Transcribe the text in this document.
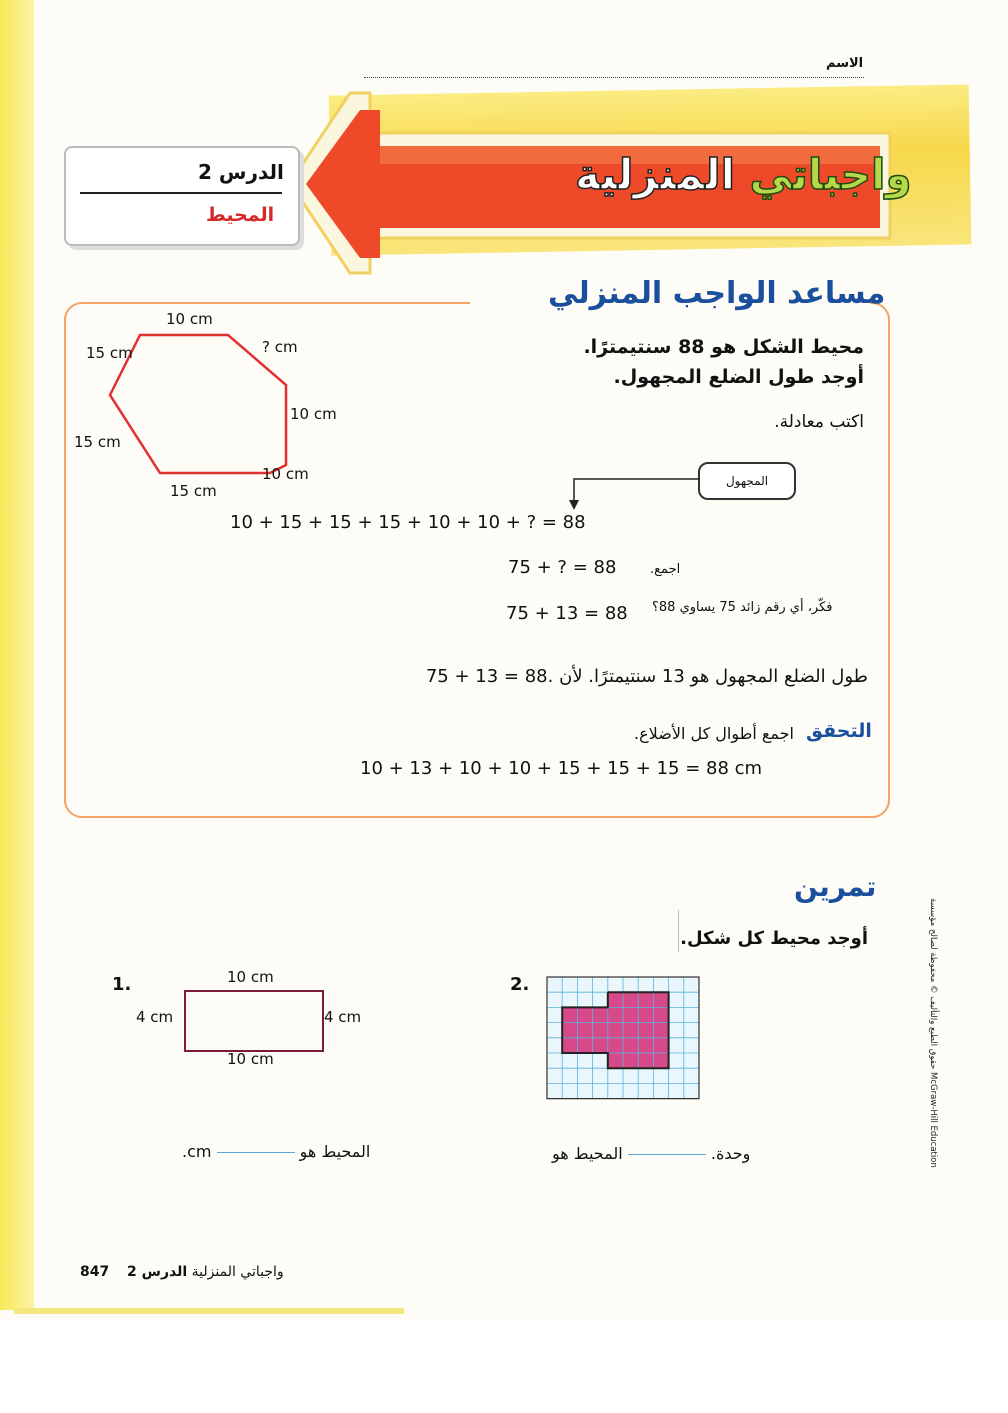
الاسم
واجباتي المنزلية
الدرس 2
المحيط
مساعد الواجب المنزلي
10 cm
? cm
15 cm
10 cm
15 cm
15 cm
10 cm
محيط الشكل هو 88 سنتيمترًا.
أوجد طول الضلع المجهول.
اكتب معادلة.
المجهول
10 + 15 + 15 + 15 + 10 + 10 + ? = 88
75 + ? = 88	اجمع.
75 + 13 = 88 فكّر، أي رقم زائد 75 يساوي 88؟
طول الضلع المجهول هو 13 سنتيمترًا. لأن 75 + 13 = 88.
التحقق
اجمع أطوال كل الأضلاع.
10 + 13 + 10 + 10 + 15 + 15 + 15 = 88 cm
تمرين
أوجد محيط كل شكل.
1.	10 cm
10 cm
4 cm	4 cm
.cm	المحيط هو
2.
وحدة.  المحيط هو
حقوق الطبع والتأليف © محفوظة لصالح مؤسسة McGraw-Hill Education
847	واجباتي المنزلية الدرس 2
